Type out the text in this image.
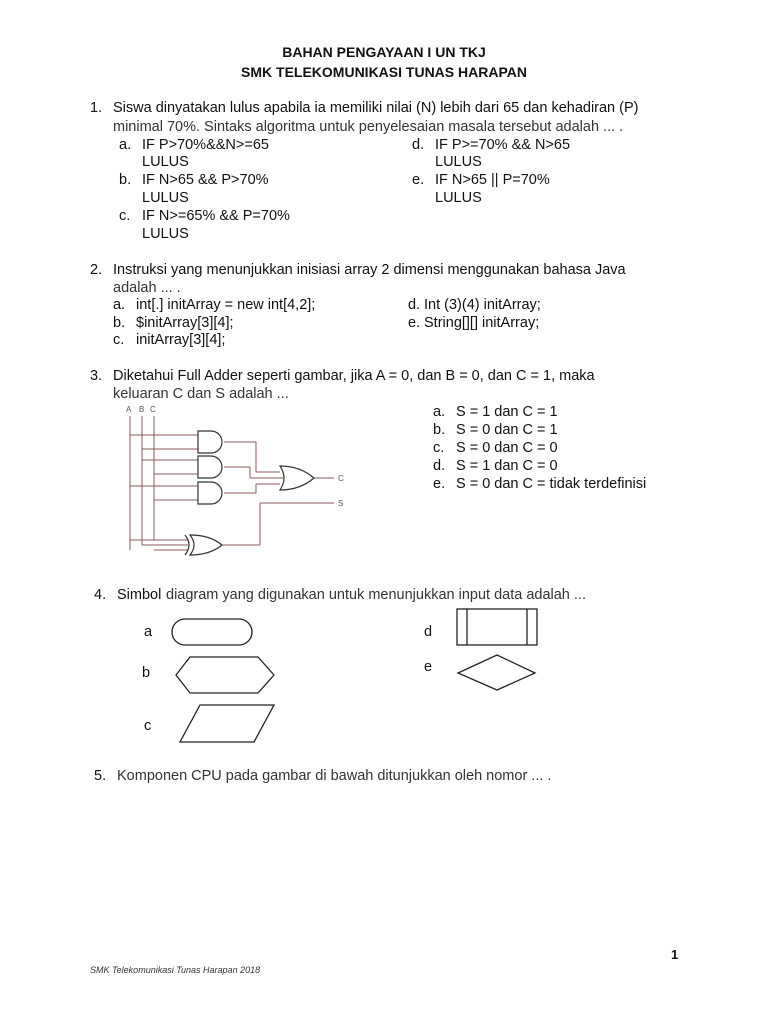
BAHAN PENGAYAAN I UN TKJ
SMK TELEKOMUNIKASI TUNAS HARAPAN
1. Siswa dinyatakan lulus apabila ia memiliki nilai (N) lebih dari 65 dan kehadiran (P)
minimal 70%. Sintaks algoritma untuk penyelesaian masala tersebut adalah ... .
a. IF P>70%&&N>=65
LULUS
b. IF N>65 && P>70%
LULUS
c. IF N>=65% && P=70%
LULUS
d. IF P>=70% && N>65
LULUS
e. IF N>65 || P=70%
LULUS
2. Instruksi yang menunjukkan inisiasi array 2 dimensi menggunakan bahasa Java
adalah ... .
a. int[.] initArray = new int[4,2];
b. $initArray[3][4];
c. initArray[3][4];
d. Int (3)(4) initArray;
e. String[][] initArray;
3. Diketahui Full Adder seperti gambar, jika A = 0, dan B = 0, dan C = 1, maka
keluaran C dan S adalah ...
A B C
C
S
a. S = 1 dan C = 1
b. S = 0 dan C = 1
c. S = 0 dan C = 0
d. S = 1 dan C = 0
e. S = 0 dan C = tidak terdefinisi
4. Simbol diagram yang digunakan untuk menunjukkan input data adalah ...
a
b
c
d
e
5. Komponen CPU pada gambar di bawah ditunjukkan oleh nomor ... .
1
SMK Telekomunikasi Tunas Harapan 2018
